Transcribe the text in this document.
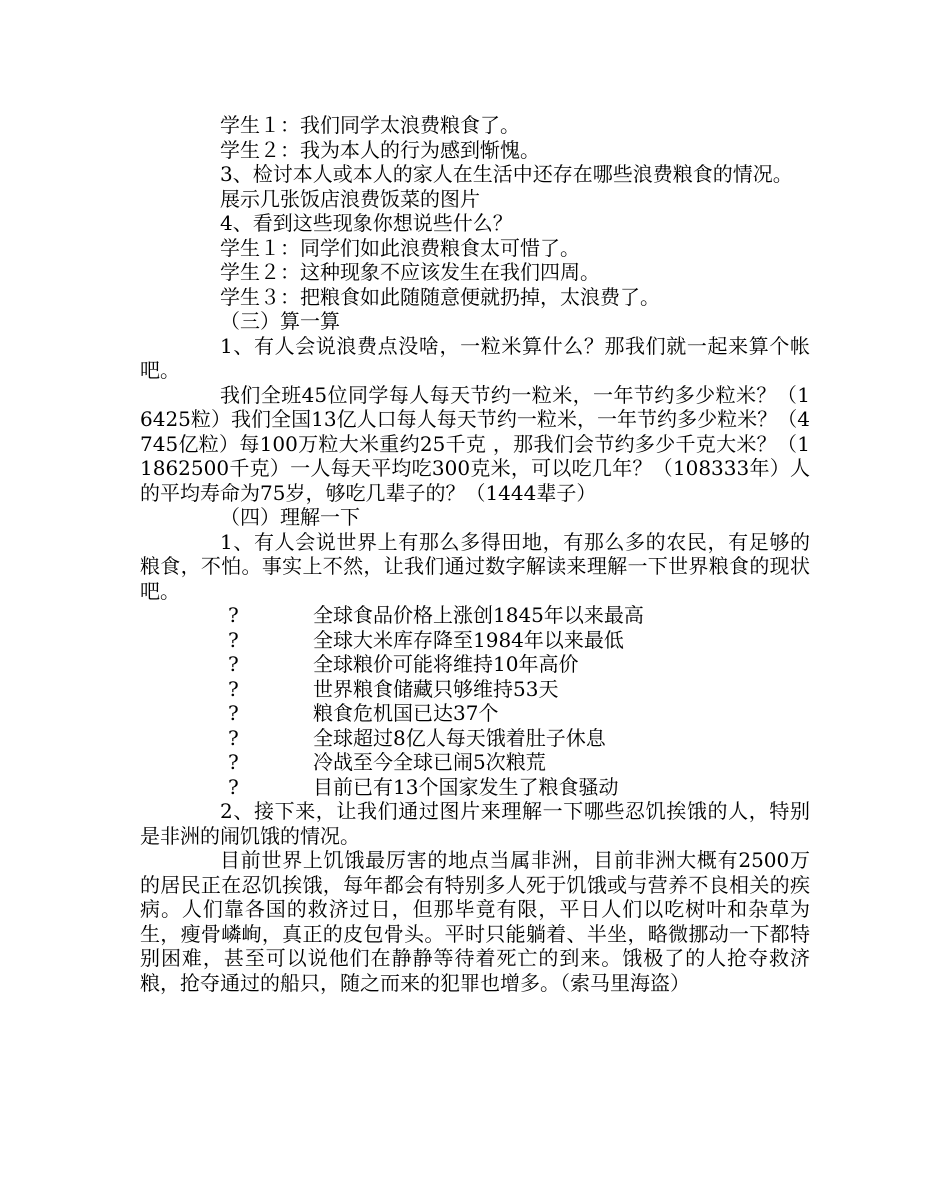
学生１：我们同学太浪费粮食了。

学生２：我为本人的行为感到惭愧。

3、检讨本人或本人的家人在生活中还存在哪些浪费粮食的情况。

展示几张饭店浪费饭菜的图片

4、看到这些现象你想说些什么？

学生１：同学们如此浪费粮食太可惜了。

学生２：这种现象不应该发生在我们四周。

学生３：把粮食如此随随意便就扔掉，太浪费了。

（三）算一算

1、有人会说浪费点没啥，一粒米算什么？那我们就一起来算个帐吧。

我们全班45位同学每人每天节约一粒米，一年节约多少粒米？（16425粒）我们全国13亿人口每人每天节约一粒米，一年节约多少粒米？（4745亿粒）每100万粒大米重约25千克 ，那我们会节约多少千克大米？（11862500千克）一人每天平均吃300克米，可以吃几年？（108333年）人的平均寿命为75岁，够吃几辈子的？（1444辈子）

（四）理解一下

1、有人会说世界上有那么多得田地，有那么多的农民，有足够的粮食，不怕。事实上不然，让我们通过数字解读来理解一下世界粮食的现状吧。

?	全球食品价格上涨创1845年以来最高
?	全球大米库存降至1984年以来最低
?	全球粮价可能将维持10年高价
?	世界粮食储藏只够维持53天
?	粮食危机国已达37个
?	全球超过8亿人每天饿着肚子休息
?	冷战至今全球已闹5次粮荒
?	目前已有13个国家发生了粮食骚动

2、接下来，让我们通过图片来理解一下哪些忍饥挨饿的人，特别是非洲的闹饥饿的情况。

目前世界上饥饿最厉害的地点当属非洲，目前非洲大概有2500万的居民正在忍饥挨饿，每年都会有特别多人死于饥饿或与营养不良相关的疾病。人们靠各国的救济过日，但那毕竟有限，平日人们以吃树叶和杂草为生，瘦骨嶙峋，真正的皮包骨头。平时只能躺着、半坐，略微挪动一下都特别困难，甚至可以说他们在静静等待着死亡的到来。饿极了的人抢夺救济粮，抢夺通过的船只，随之而来的犯罪也增多。（索马里海盗）
